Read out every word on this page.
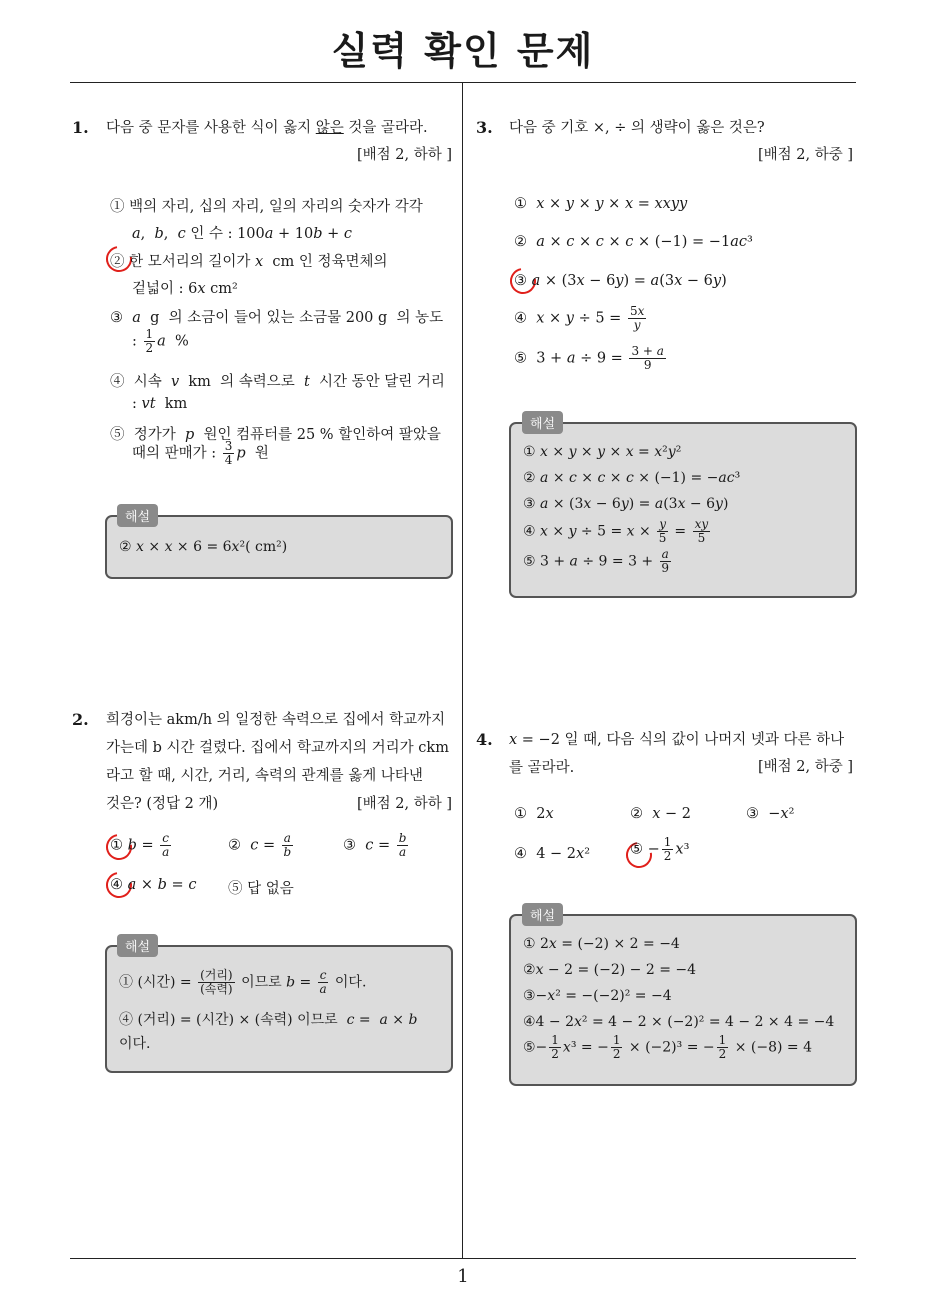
실력 확인 문제
1
1. 다음 중 문자를 사용한 식이 옳지 않은 것을 골라라.
[배점 2, 하하 ]
① 백의 자리, 십의 자리, 일의 자리의 숫자가 각각
a,  b,  c 인 수 : 100a + 10b + c
② 한 모서리의 길이가 x  cm 인 정육면체의
겉넓이 : 6x cm²
③  a  g  의 소금이 들어 있는 소금물 200 g  의 농도
: $\frac{1}{2}$ a  %
④  시속  v  km  의 속력으로  t  시간 동안 달린 거리
: vt  km
⑤  정가가  p  원인 컴퓨터를 25 % 할인하여 팔았을
때의 판매가 : $\frac{3}{4}$ p  원
② x × x × 6 = 6x²( cm²)
해설
2. 희경이는 akm/h 의 일정한 속력으로 집에서 학교까지
가는데 b 시간 걸렸다. 집에서 학교까지의 거리가 ckm
라고 할 때, 시간, 거리, 속력의 관계를 옳게 나타낸
것은? (정답 2 개)	[배점 2, 하하 ]
① $b = \frac{c}{a}$	②  $c = \frac{a}{b}$	③  $c = \frac{b}{a}$
④ a × b = c ⑤ 답 없음
① (시간) = $\frac{\text{(거리)}}{\text{(속력)}}$ 이므로 $b = \frac{c}{a}$ 이다.
④ (거리) = (시간) × (속력) 이므로  c =  a × b
이다.
해설
3. 다음 중 기호 ×, ÷ 의 생략이 옳은 것은?
[배점 2, 하중 ]
①  x × y × y × x = xxyy
②  a × c × c × c × (−1) = −1ac³
③ a × (3x − 6y) = a(3x − 6y)
④  $x \times y \div 5 = \frac{5x}{y}$
⑤  $3 + a \div 9 = \frac{3 + a}{9}$
① x × y × y × x = x²y²
② a × c × c × c × (−1) = −ac³
③ a × (3x − 6y) = a(3x − 6y)
④ $x \times y \div 5 = x \times \frac{y}{5} = \frac{xy}{5}$
⑤ $3 + a \div 9 = 3 + \frac{a}{9}$
해설
4. x = −2 일 때, 다음 식의 값이 나머지 넷과 다른 하나
를 골라라.	[배점 2, 하중 ]
①  2x	②  x − 2	③  −x²
④  4 − 2x²	⑤ − $\frac{1}{2} x^3$
① 2x = (−2) × 2 = −4
②x − 2 = (−2) − 2 = −4
③−x² = −(−2)² = −4
④4 − 2x² = 4 − 2 × (−2)² = 4 − 2 × 4 = −4
⑤− $\frac{1}{2} x^3$ = − $\frac{1}{2} \times (-2)^3$ = − $\frac{1}{2} \times (-8) = 4$
해설
